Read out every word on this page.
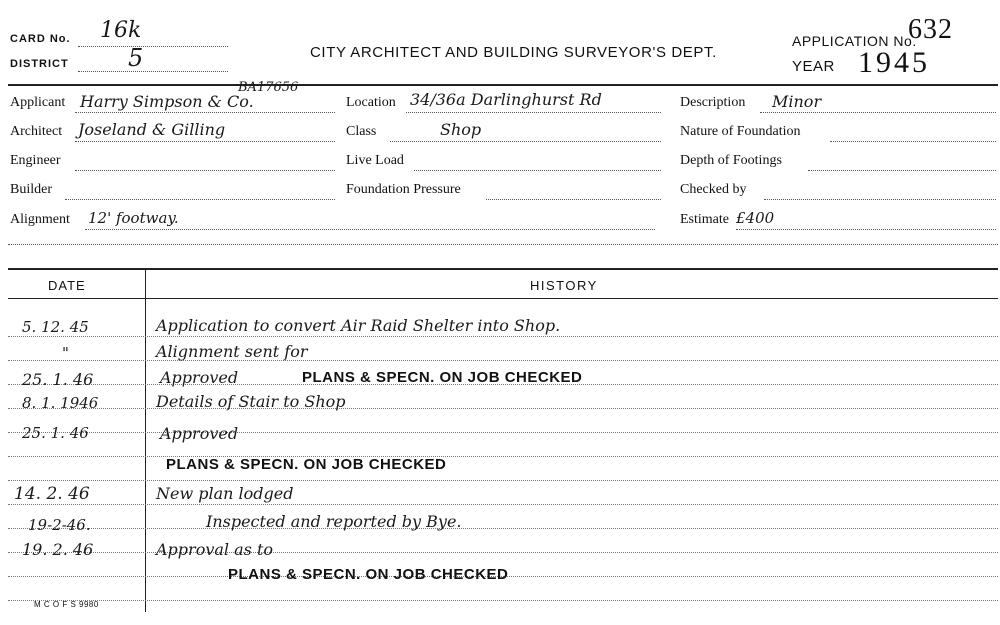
CARD No. 16k
DISTRICT 5	CITY ARCHITECT AND BUILDING SURVEYOR'S DEPT.
APPLICATION No.
632
YEAR 1945
Applicant Harry Simpson & Co.
BA17656
Architect Joseland & Gilling
Engineer
Builder
Alignment 12' footway.
Location 34/36a Darlinghurst Rd
Class	Shop
Live Load
Foundation Pressure
Description Minor
Nature of Foundation
Depth of Footings
Checked by
Estimate £400
DATE	HISTORY
5. 12. 45	Application to convert Air Raid Shelter into Shop.
"	Alignment sent for
25. 1. 46	Approved	PLANS & SPECN. ON JOB CHECKED
8. 1. 1946	Details of Stair to Shop
25. 1. 46	Approved
PLANS & SPECN. ON JOB CHECKED
14. 2. 46	New plan lodged
19-2-46.	Inspected and reported by Bye.
19. 2. 46	Approval as to
PLANS & SPECN. ON JOB CHECKED
M C O F S 9980
